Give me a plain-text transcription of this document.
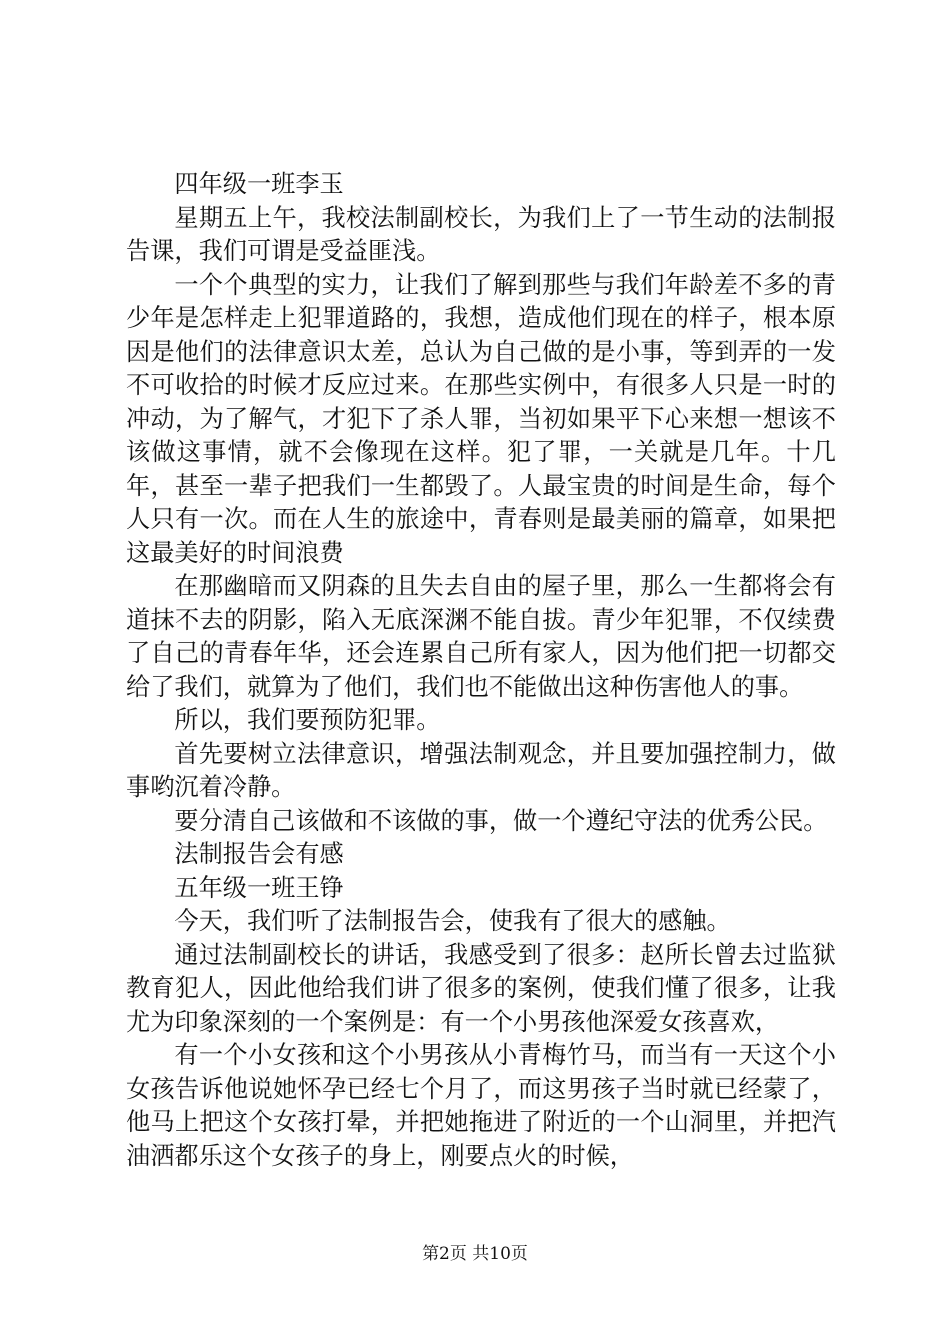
四年级一班李玉

星期五上午，我校法制副校长，为我们上了一节生动的法制报告课，我们可谓是受益匪浅。

一个个典型的实力，让我们了解到那些与我们年龄差不多的青少年是怎样走上犯罪道路的，我想，造成他们现在的样子，根本原因是他们的法律意识太差，总认为自己做的是小事，等到弄的一发不可收拾的时候才反应过来。在那些实例中，有很多人只是一时的冲动，为了解气，才犯下了杀人罪，当初如果平下心来想一想该不该做这事情，就不会像现在这样。犯了罪，一关就是几年。十几年，甚至一辈子把我们一生都毁了。人最宝贵的时间是生命，每个人只有一次。而在人生的旅途中，青春则是最美丽的篇章，如果把这最美好的时间浪费

在那幽暗而又阴森的且失去自由的屋子里，那么一生都将会有道抹不去的阴影，陷入无底深渊不能自拔。青少年犯罪，不仅续费了自己的青春年华，还会连累自己所有家人，因为他们把一切都交给了我们，就算为了他们，我们也不能做出这种伤害他人的事。

所以，我们要预防犯罪。

首先要树立法律意识，增强法制观念，并且要加强控制力，做事哟沉着冷静。

要分清自己该做和不该做的事，做一个遵纪守法的优秀公民。

法制报告会有感

五年级一班王铮

今天，我们听了法制报告会，使我有了很大的感触。

通过法制副校长的讲话，我感受到了很多：赵所长曾去过监狱教育犯人，因此他给我们讲了很多的案例，使我们懂了很多，让我尤为印象深刻的一个案例是：有一个小男孩他深爱女孩喜欢，

有一个小女孩和这个小男孩从小青梅竹马，而当有一天这个小女孩告诉他说她怀孕已经七个月了，而这男孩子当时就已经蒙了，他马上把这个女孩打晕，并把她拖进了附近的一个山洞里，并把汽油洒都乐这个女孩子的身上，刚要点火的时候，

第2页 共10页
